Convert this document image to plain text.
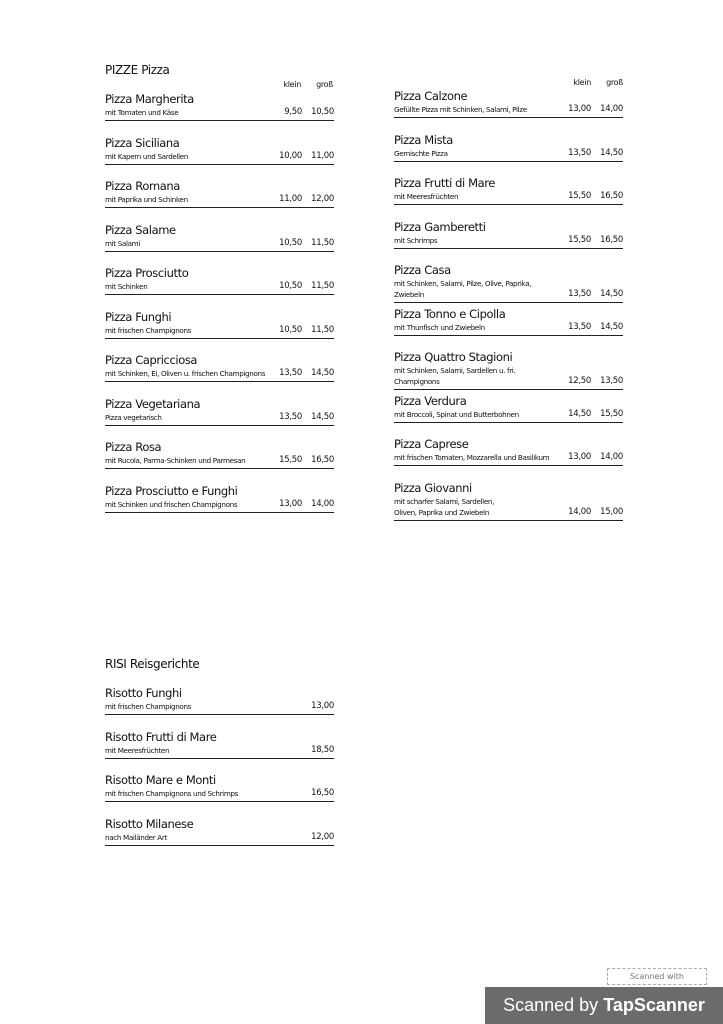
PIZZE Pizza
klein	groß	klein	groß
Pizza Margherita
mit Tomaten und Käse	9,50	10,50
Pizza Siciliana
mit Kapern und Sardellen	10,00	11,00
Pizza Romana
mit Paprika und Schinken	11,00	12,00
Pizza Salame
mit Salami	10,50	11,50
Pizza Prosciutto
mit Schinken	10,50	11,50
Pizza Funghi
mit frischen Champignons	10,50	11,50
Pizza Capricciosa
mit Schinken, Ei, Oliven u. frischen Champignons	13,50	14,50
Pizza Vegetariana
Pizza vegetarisch	13,50	14,50
Pizza Rosa
mit Rucola, Parma-Schinken und Parmesan	15,50	16,50
Pizza Prosciutto e Funghi
mit Schinken und frischen Champignons	13,00	14,00
Pizza Calzone
Gefüllte Pizza mit Schinken, Salami, Pilze	13,00	14,00
Pizza Mista
Gemischte Pizza	13,50	14,50
Pizza Frutti di Mare
mit Meeresfrüchten	15,50	16,50
Pizza Gamberetti
mit Schrimps	15,50	16,50
Pizza Casa
mit Schinken, Salami, Pilze, Olive, Paprika, Zwiebeln	13,50	14,50
Pizza Tonno e Cipolla
mit Thunfisch und Zwiebeln	13,50	14,50
Pizza Quattro Stagioni
mit Schinken, Salami, Sardellen u. fri. Champignons	12,50	13,50
Pizza Verdura
mit Broccoli, Spinat und Butterbohnen	14,50	15,50
Pizza Caprese
mit frischen Tomaten, Mozzarella und Basilikum	13,00	14,00
Pizza Giovanni
mit scharfer Salami, Sardellen,
Oliven, Paprika und Zwiebeln	14,00	15,00
RISI Reisgerichte
Risotto Funghi
mit frischen Champignons	13,00
Risotto Frutti di Mare
mit Meeresfrüchten	18,50
Risotto Mare e Monti
mit frischen Champignons und Schrimps	16,50
Risotto Milanese
nach Mailänder Art	12,00
Scanned with
Scanned by TapScanner
